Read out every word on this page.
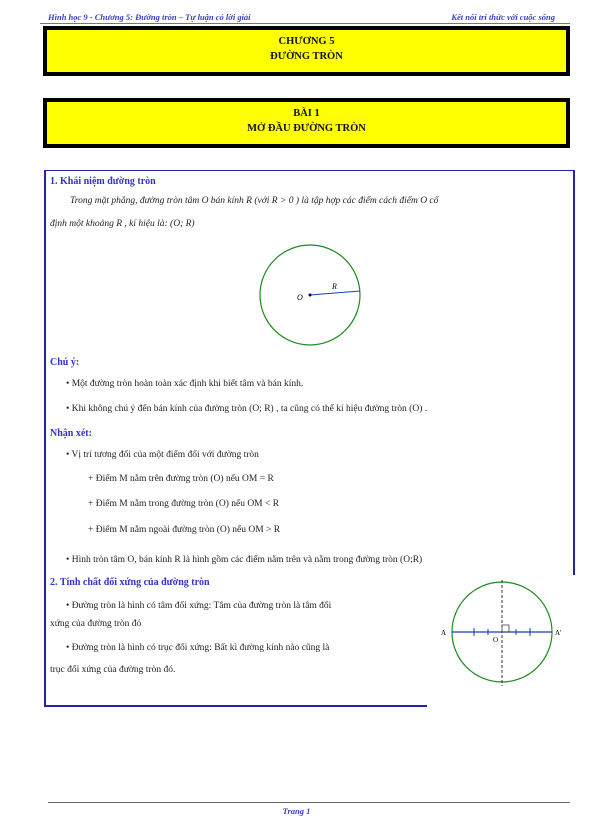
Hình học 9 - Chương 5: Đường tròn – Tự luận có lời giải	Kết nối tri thức với cuộc sống
CHƯƠNG 5
ĐƯỜNG TRÒN
BÀI 1
MỞ ĐẦU ĐƯỜNG TRÒN
1. Khái niệm đường tròn
Trong mặt phẳng, đường tròn tâm O bán kính R (với R > 0 ) là tập hợp các điểm cách điểm O cố
định một khoảng R , kí hiệu là: (O; R)
O
R
Chú ý:
• Một đường tròn hoàn toàn xác định khi biết tâm và bán kính.
• Khi không chú ý đến bán kính của đường tròn (O; R) , ta cũng có thể kí hiệu đường tròn (O) .
Nhận xét:
• Vị trí tương đối của một điểm đối với đường tròn
+ Điểm M nằm trên đường tròn (O) nếu OM = R
+ Điểm M nằm trong đường tròn (O) nếu OM < R
+ Điểm M nằm ngoài đường tròn (O) nếu OM > R
• Hình tròn tâm O, bán kính R là hình gồm các điểm nằm trên và nằm trong đường tròn (O;R)
2. Tính chất đối xứng của đường tròn
• Đường tròn là hình có tâm đối xứng: Tâm của đường tròn là tâm đối
xứng của đường tròn đó
• Đường tròn là hình có trục đối xứng: Bất kì đường kính nào cũng là
trục đối xứng của đường tròn đó.
A	A'
O
Trang 1
